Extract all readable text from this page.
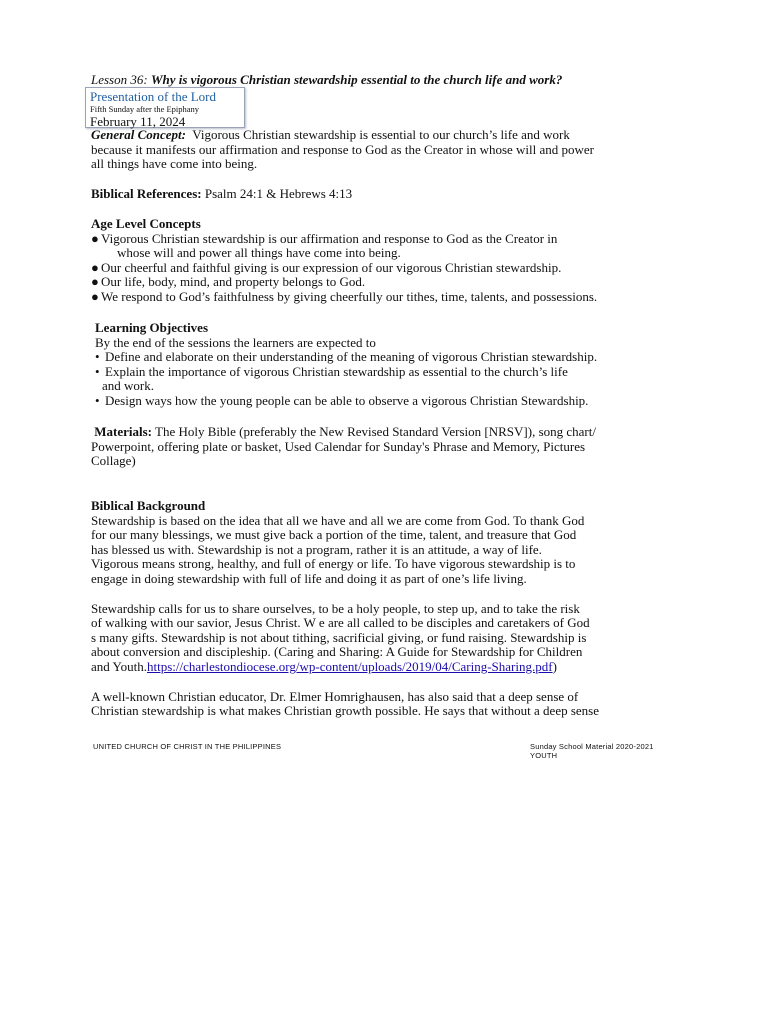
Lesson 36: Why is vigorous Christian stewardship essential to the church life and work?
Presentation of the Lord
Fifth Sunday after the Epiphany
February 11, 2024
General Concept: Vigorous Christian stewardship is essential to our church’s life and work
because it manifests our affirmation and response to God as the Creator in whose will and power
all things have come into being.
Biblical References: Psalm 24:1 & Hebrews 4:13
Age Level Concepts
● Vigorous Christian stewardship is our affirmation and response to God as the Creator in
whose will and power all things have come into being.
● Our cheerful and faithful giving is our expression of our vigorous Christian stewardship.
● Our life, body, mind, and property belongs to God.
● We respond to God’s faithfulness by giving cheerfully our tithes, time, talents, and possessions.
Learning Objectives
By the end of the sessions the learners are expected to
• Define and elaborate on their understanding of the meaning of vigorous Christian stewardship.
• Explain the importance of vigorous Christian stewardship as essential to the church’s life
and work.
• Design ways how the young people can be able to observe a vigorous Christian Stewardship.
Materials: The Holy Bible (preferably the New Revised Standard Version [NRSV]), song chart/
Powerpoint, offering plate or basket, Used Calendar for Sunday's Phrase and Memory, Pictures
Collage)
Biblical Background
Stewardship is based on the idea that all we have and all we are come from God. To thank God
for our many blessings, we must give back a portion of the time, talent, and treasure that God
has blessed us with. Stewardship is not a program, rather it is an attitude, a way of life.
Vigorous means strong, healthy, and full of energy or life. To have vigorous stewardship is to
engage in doing stewardship with full of life and doing it as part of one’s life living.
Stewardship calls for us to share ourselves, to be a holy people, to step up, and to take the risk
of walking with our savior, Jesus Christ. W e are all called to be disciples and caretakers of God
s many gifts. Stewardship is not about tithing, sacrificial giving, or fund raising. Stewardship is
about conversion and discipleship. (Caring and Sharing: A Guide for Stewardship for Children
and Youth.https://charlestondiocese.org/wp-content/uploads/2019/04/Caring-Sharing.pdf)
A well-known Christian educator, Dr. Elmer Homrighausen, has also said that a deep sense of
Christian stewardship is what makes Christian growth possible. He says that without a deep sense
UNITED CHURCH OF CHRIST IN THE PHILIPPINES	Sunday School Material 2020-2021
YOUTH
